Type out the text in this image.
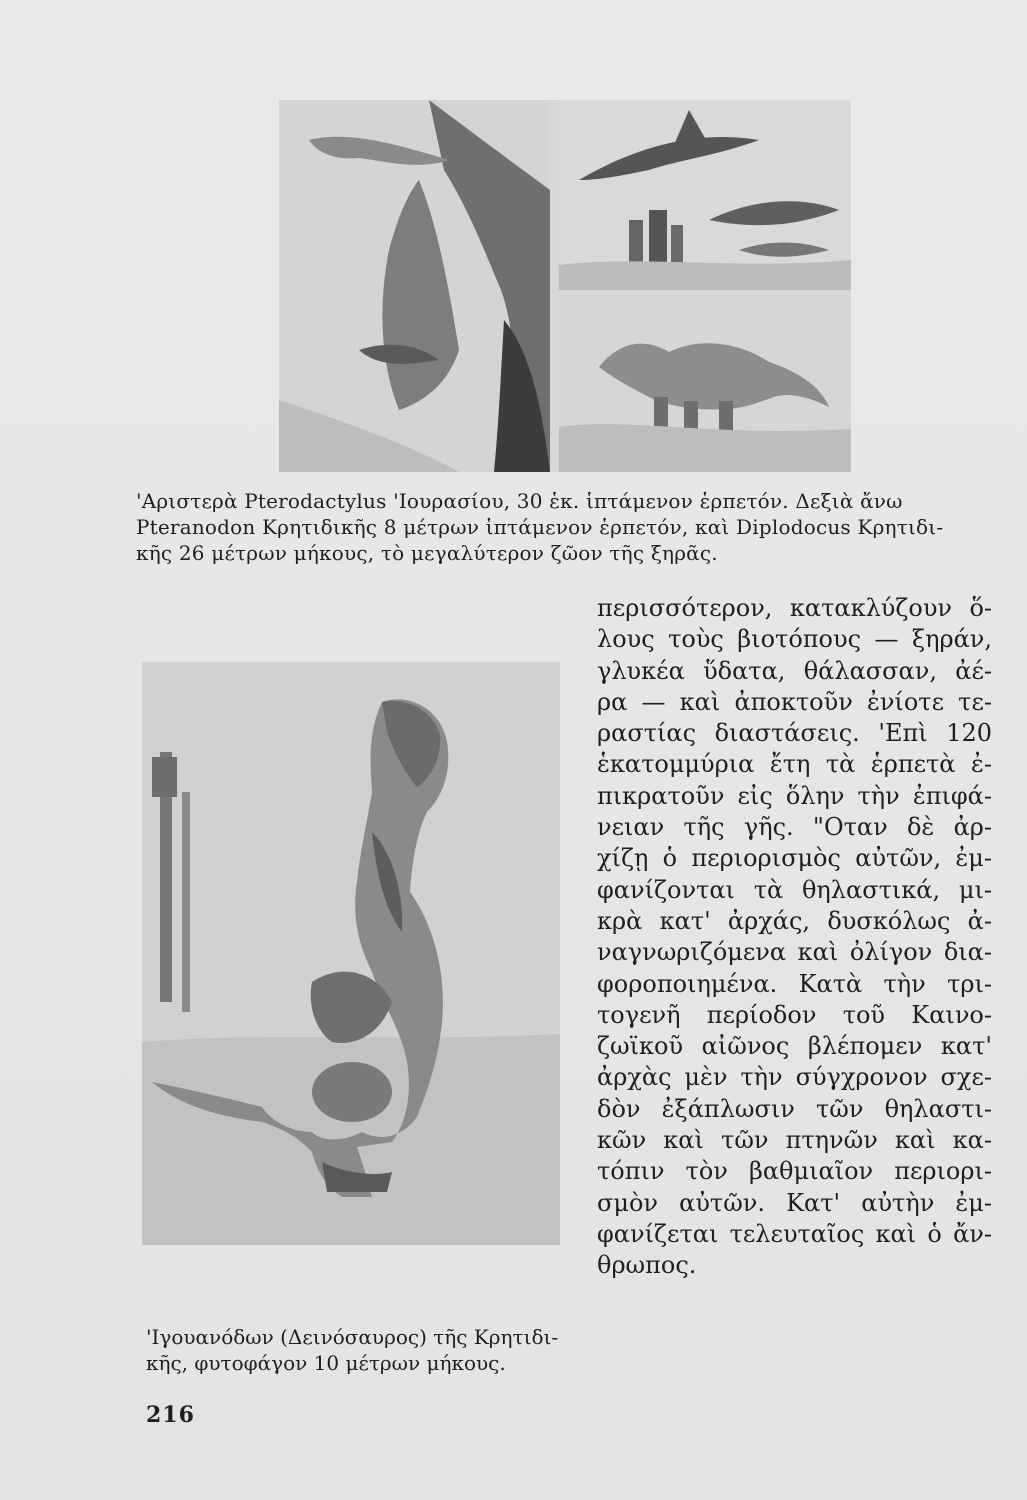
'Αριστερὰ Pterodactylus 'Ιουρασίου, 30 ἑκ. ἱπτάμενον ἑρπετόν. Δεξιὰ ἄνω
Pteranodon Κρητιδικῆς 8 μέτρων ἱπτάμενον ἑρπετόν, καὶ Diplodocus Κρητιδι-
κῆς 26 μέτρων μήκους, τὸ μεγαλύτερον ζῶον τῆς ξηρᾶς.
'Ιγουανόδων (Δεινόσαυρος) τῆς Κρητιδι-
κῆς, φυτοφάγον 10 μέτρων μήκους.
περισσότερον, κατακλύζουν ὅ-
λους τοὺς βιοτόπους — ξηράν,
γλυκέα ὕδατα, θάλασσαν, ἀέ-
ρα — καὶ ἀποκτοῦν ἐνίοτε τε-
ραστίας διαστάσεις. 'Επὶ 120
ἑκατομμύρια ἔτη τὰ ἑρπετὰ ἐ-
πικρατοῦν εἰς ὅλην τὴν ἐπιφά-
νειαν τῆς γῆς. "Οταν δὲ ἀρ-
χίζῃ ὁ περιορισμὸς αὐτῶν, ἐμ-
φανίζονται τὰ θηλαστικά, μι-
κρὰ κατ' ἀρχάς, δυσκόλως ἀ-
ναγνωριζόμενα καὶ ὀλίγον δια-
φοροποιημένα. Κατὰ τὴν τρι-
τογενῆ περίοδον τοῦ Καινο-
ζωϊκοῦ αἰῶνος βλέπομεν κατ'
ἀρχὰς μὲν τὴν σύγχρονον σχε-
δὸν ἐξάπλωσιν τῶν θηλαστι-
κῶν καὶ τῶν πτηνῶν καὶ κα-
τόπιν τὸν βαθμιαῖον περιορι-
σμὸν αὐτῶν. Κατ' αὐτὴν ἐμ-
φανίζεται τελευταῖος καὶ ὁ ἄν-
θρωπος.
216
